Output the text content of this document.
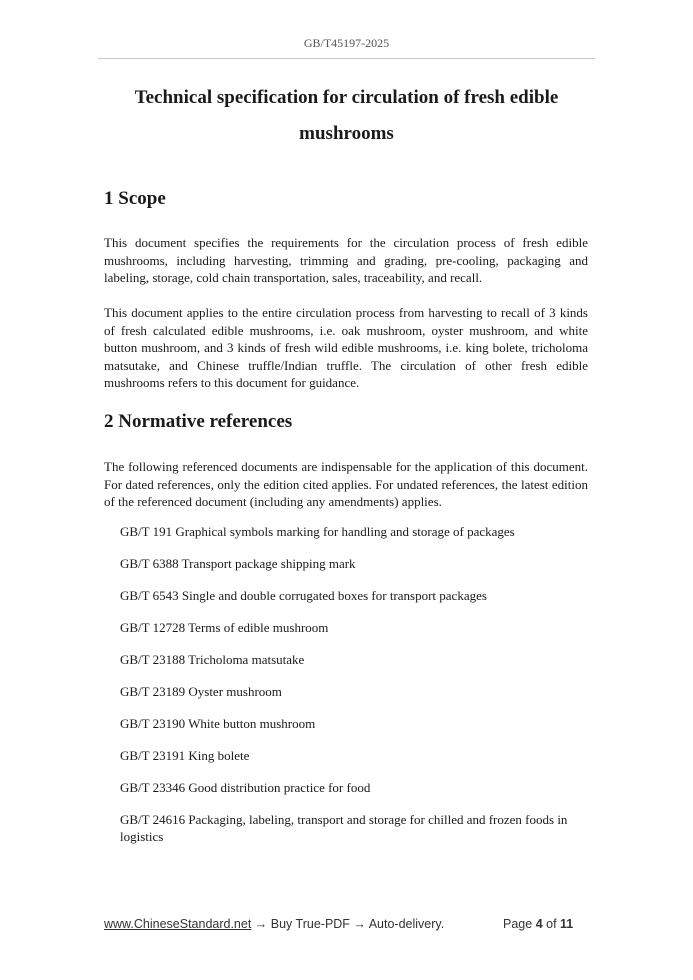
GB/T45197-2025
Technical specification for circulation of fresh edible mushrooms
1 Scope

This document specifies the requirements for the circulation process of fresh edible mushrooms, including harvesting, trimming and grading, pre-cooling, packaging and labeling, storage, cold chain transportation, sales, traceability, and recall.

This document applies to the entire circulation process from harvesting to recall of 3 kinds of fresh calculated edible mushrooms, i.e. oak mushroom, oyster mushroom, and white button mushroom, and 3 kinds of fresh wild edible mushrooms, i.e. king bolete, tricholoma matsutake, and Chinese truffle/Indian truffle. The circulation of other fresh edible mushrooms refers to this document for guidance.

2 Normative references

The following referenced documents are indispensable for the application of this document. For dated references, only the edition cited applies. For undated references, the latest edition of the referenced document (including any amendments) applies.

GB/T 191 Graphical symbols marking for handling and storage of packages
GB/T 6388 Transport package shipping mark
GB/T 6543 Single and double corrugated boxes for transport packages
GB/T 12728 Terms of edible mushroom
GB/T 23188 Tricholoma matsutake
GB/T 23189 Oyster mushroom
GB/T 23190 White button mushroom
GB/T 23191 King bolete
GB/T 23346 Good distribution practice for food
GB/T 24616 Packaging, labeling, transport and storage for chilled and frozen foods in logistics
www.ChineseStandard.net → Buy True-PDF → Auto-delivery.	Page 4 of 11
